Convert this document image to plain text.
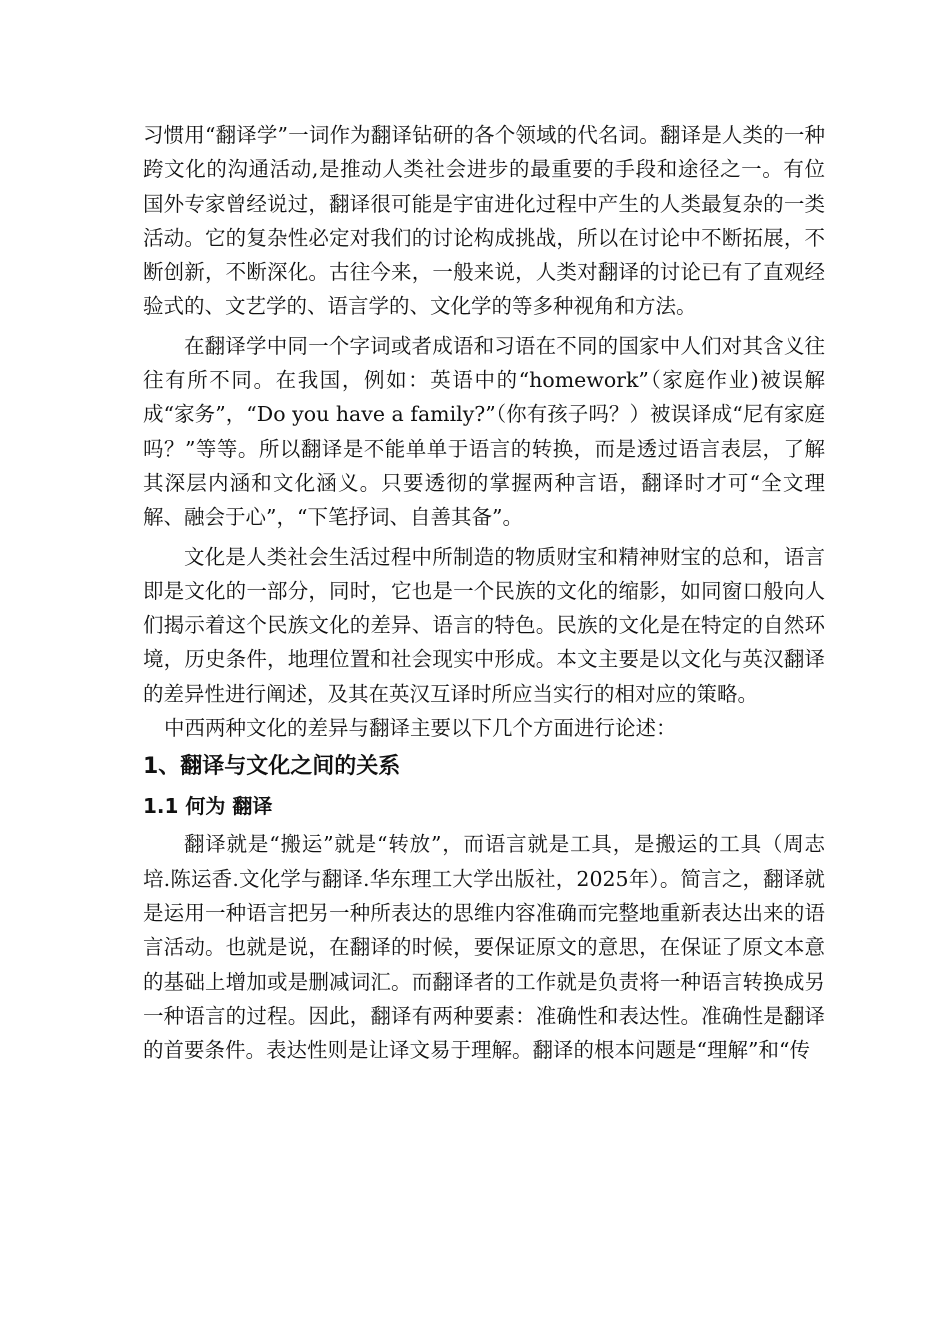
习惯用“翻译学”一词作为翻译钻研的各个领域的代名词。翻译是人类的一种跨文化的沟通活动,是推动人类社会进步的最重要的手段和途径之一。有位国外专家曾经说过，翻译很可能是宇宙进化过程中产生的人类最复杂的一类活动。它的复杂性必定对我们的讨论构成挑战，所以在讨论中不断拓展，不断创新，不断深化。古往今来，一般来说，人类对翻译的讨论已有了直观经验式的、文艺学的、语言学的、文化学的等多种视角和方法。

在翻译学中同一个字词或者成语和习语在不同的国家中人们对其含义往往有所不同。在我国，例如：英语中的“homework”（家庭作业)被误解成“家务”，“Do you have a family?”（你有孩子吗？）被误译成“尼有家庭吗？”等等。所以翻译是不能单单于语言的转换，而是透过语言表层，了解其深层内涵和文化涵义。只要透彻的掌握两种言语，翻译时才可“全文理解、融会于心”，“下笔抒词、自善其备”。

文化是人类社会生活过程中所制造的物质财宝和精神财宝的总和，语言即是文化的一部分，同时，它也是一个民族的文化的缩影，如同窗口般向人们揭示着这个民族文化的差异、语言的特色。民族的文化是在特定的自然环境，历史条件，地理位置和社会现实中形成。本文主要是以文化与英汉翻译的差异性进行阐述，及其在英汉互译时所应当实行的相对应的策略。

中西两种文化的差异与翻译主要以下几个方面进行论述：

1、翻译与文化之间的关系
1.1 何为 翻译

翻译就是“搬运”就是“转放”，而语言就是工具，是搬运的工具（周志培.陈运香.文化学与翻译.华东理工大学出版社，2025年）。简言之，翻译就是运用一种语言把另一种所表达的思维内容准确而完整地重新表达出来的语言活动。也就是说，在翻译的时候，要保证原文的意思，在保证了原文本意的基础上增加或是删减词汇。而翻译者的工作就是负责将一种语言转换成另一种语言的过程。因此，翻译有两种要素：准确性和表达性。准确性是翻译的首要条件。表达性则是让译文易于理解。翻译的根本问题是“理解”和“传
